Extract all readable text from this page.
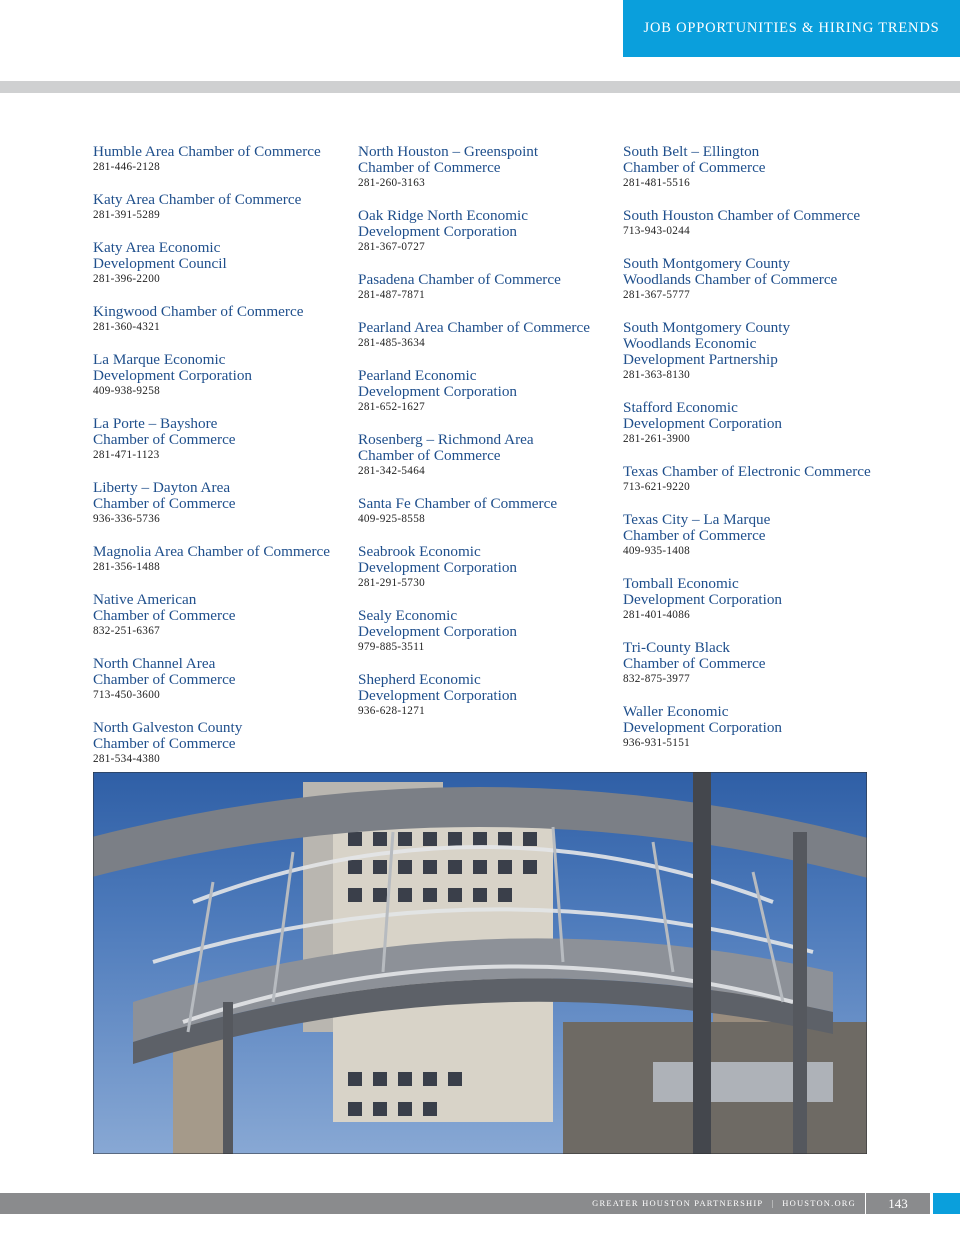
JOB OPPORTUNITIES & HIRING TRENDS
Humble Area Chamber of Commerce
281-446-2128
Katy Area Chamber of Commerce
281-391-5289
Katy Area Economic
Development Council
281-396-2200
Kingwood Chamber of Commerce
281-360-4321
La Marque Economic
Development Corporation
409-938-9258
La Porte – Bayshore
Chamber of Commerce
281-471-1123
Liberty – Dayton Area
Chamber of Commerce
936-336-5736
Magnolia Area Chamber of Commerce
281-356-1488
Native American
Chamber of Commerce
832-251-6367
North Channel Area
Chamber of Commerce
713-450-3600
North Galveston County
Chamber of Commerce
281-534-4380
North Houston – Greenspoint
Chamber of Commerce
281-260-3163
Oak Ridge North Economic
Development Corporation
281-367-0727
Pasadena Chamber of Commerce
281-487-7871
Pearland Area Chamber of Commerce
281-485-3634
Pearland Economic
Development Corporation
281-652-1627
Rosenberg – Richmond Area
Chamber of Commerce
281-342-5464
Santa Fe Chamber of Commerce
409-925-8558
Seabrook Economic
Development Corporation
281-291-5730
Sealy Economic
Development Corporation
979-885-3511
Shepherd Economic
Development Corporation
936-628-1271
South Belt – Ellington
Chamber of Commerce
281-481-5516
South Houston Chamber of Commerce
713-943-0244
South Montgomery County
Woodlands Chamber of Commerce
281-367-5777
South Montgomery County
Woodlands Economic
Development Partnership
281-363-8130
Stafford Economic
Development Corporation
281-261-3900
Texas Chamber of Electronic Commerce
713-621-9220
Texas City – La Marque
Chamber of Commerce
409-935-1408
Tomball Economic
Development Corporation
281-401-4086
Tri-County Black
Chamber of Commerce
832-875-3977
Waller Economic
Development Corporation
936-931-5151
GREATER HOUSTON PARTNERSHIP | HOUSTON.ORG	143
